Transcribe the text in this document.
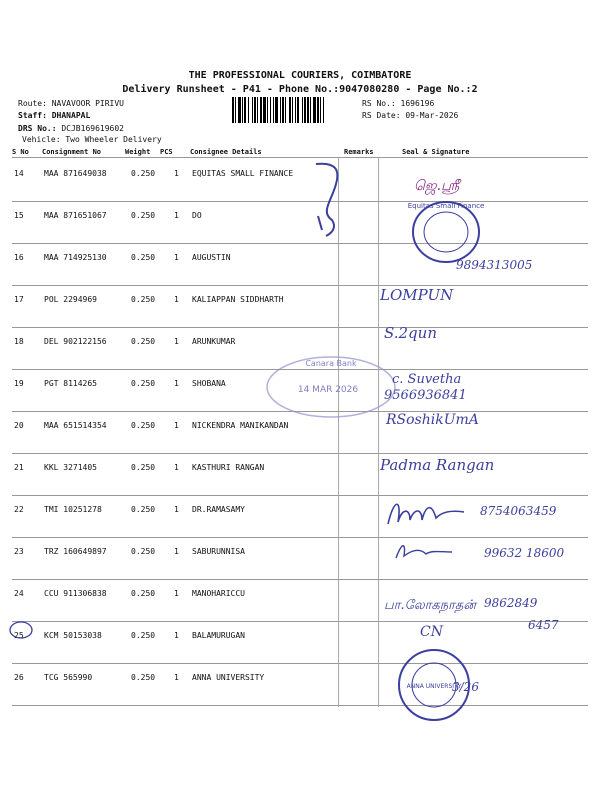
THE PROFESSIONAL COURIERS, COIMBATORE
Delivery Runsheet - P41 - Phone No.:9047080280 - Page No.:2
Route: NAVAVOOR PIRIVU
Staff: DHANAPAL
DRS No.: DCJB169619602
Vehicle: Two Wheeler Delivery
RS No.: 1696196
RS Date: 09-Mar-2026
S No Consignment No	Weight PCS Consignee Details	Remarks	Seal & Signature
14	MAA 871649038	0.250 1 EQUITAS SMALL FINANCE
15	MAA 871651067	0.250 1 DO
16	MAA 714925130	0.250 1 AUGUSTIN
17	POL 2294969	0.250 1 KALIAPPAN SIDDHARTH
18	DEL 902122156	0.250 1 ARUNKUMAR
19	PGT 8114265	0.250 1 SHOBANA
20	MAA 651514354	0.250 1 NICKENDRA MANIKANDAN
21	KKL 3271405	0.250 1 KASTHURI RANGAN
22	TMI 10251278	0.250 1 DR.RAMASAMY
23	TRZ 160649897	0.250 1 SABURUNNISA
24	CCU 911306838	0.250 1 MANOHARICCU
25	KCM 50153038	0.250 1 BALAMURUGAN
26	TCG 565990	0.250 1 ANNA UNIVERSITY
ஜெ.ஸ்ரீ
Equitas Small Finance
9894313005
LOMPUN
S.2qun
Canara Bank
14 MAR 2026
c. Suvetha
9566936841
RSoshikUmA
Padma Rangan
8754063459
99632 18600
பா.லோகநாதன் 9862849
CN	6457
ANNA UNIVERSITY
3/26
